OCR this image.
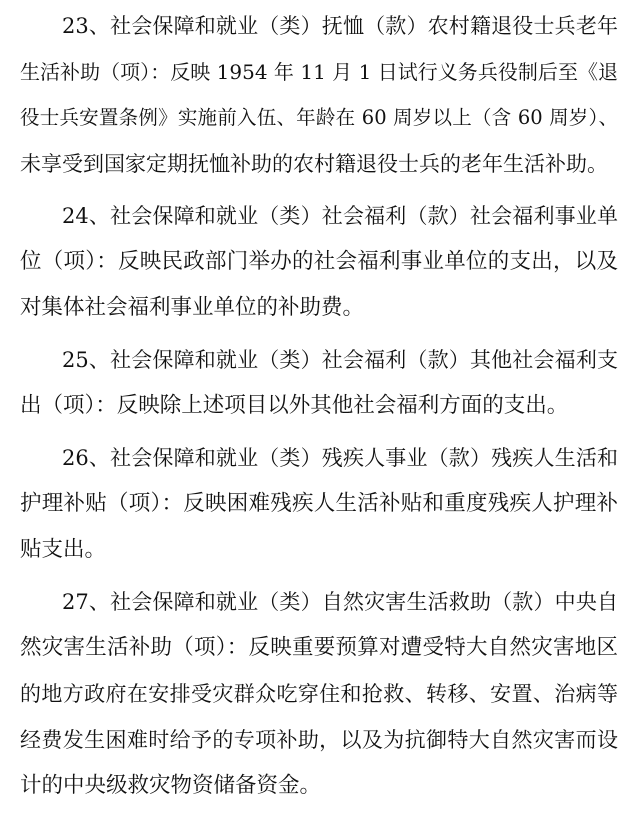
23、社会保障和就业（类）抚恤（款）农村籍退役士兵老年
生活补助（项）：反映 1954 年 11 月 1 日试行义务兵役制后至《退
役士兵安置条例》实施前入伍、年龄在 60 周岁以上（含 60 周岁）、
未享受到国家定期抚恤补助的农村籍退役士兵的老年生活补助。
24、社会保障和就业（类）社会福利（款）社会福利事业单
位（项）：反映民政部门举办的社会福利事业单位的支出，以及
对集体社会福利事业单位的补助费。
25、社会保障和就业（类）社会福利（款）其他社会福利支
出（项）：反映除上述项目以外其他社会福利方面的支出。
26、社会保障和就业（类）残疾人事业（款）残疾人生活和
护理补贴（项）：反映困难残疾人生活补贴和重度残疾人护理补
贴支出。
27、社会保障和就业（类）自然灾害生活救助（款）中央自
然灾害生活补助（项）：反映重要预算对遭受特大自然灾害地区
的地方政府在安排受灾群众吃穿住和抢救、转移、安置、治病等
经费发生困难时给予的专项补助，以及为抗御特大自然灾害而设
计的中央级救灾物资储备资金。
